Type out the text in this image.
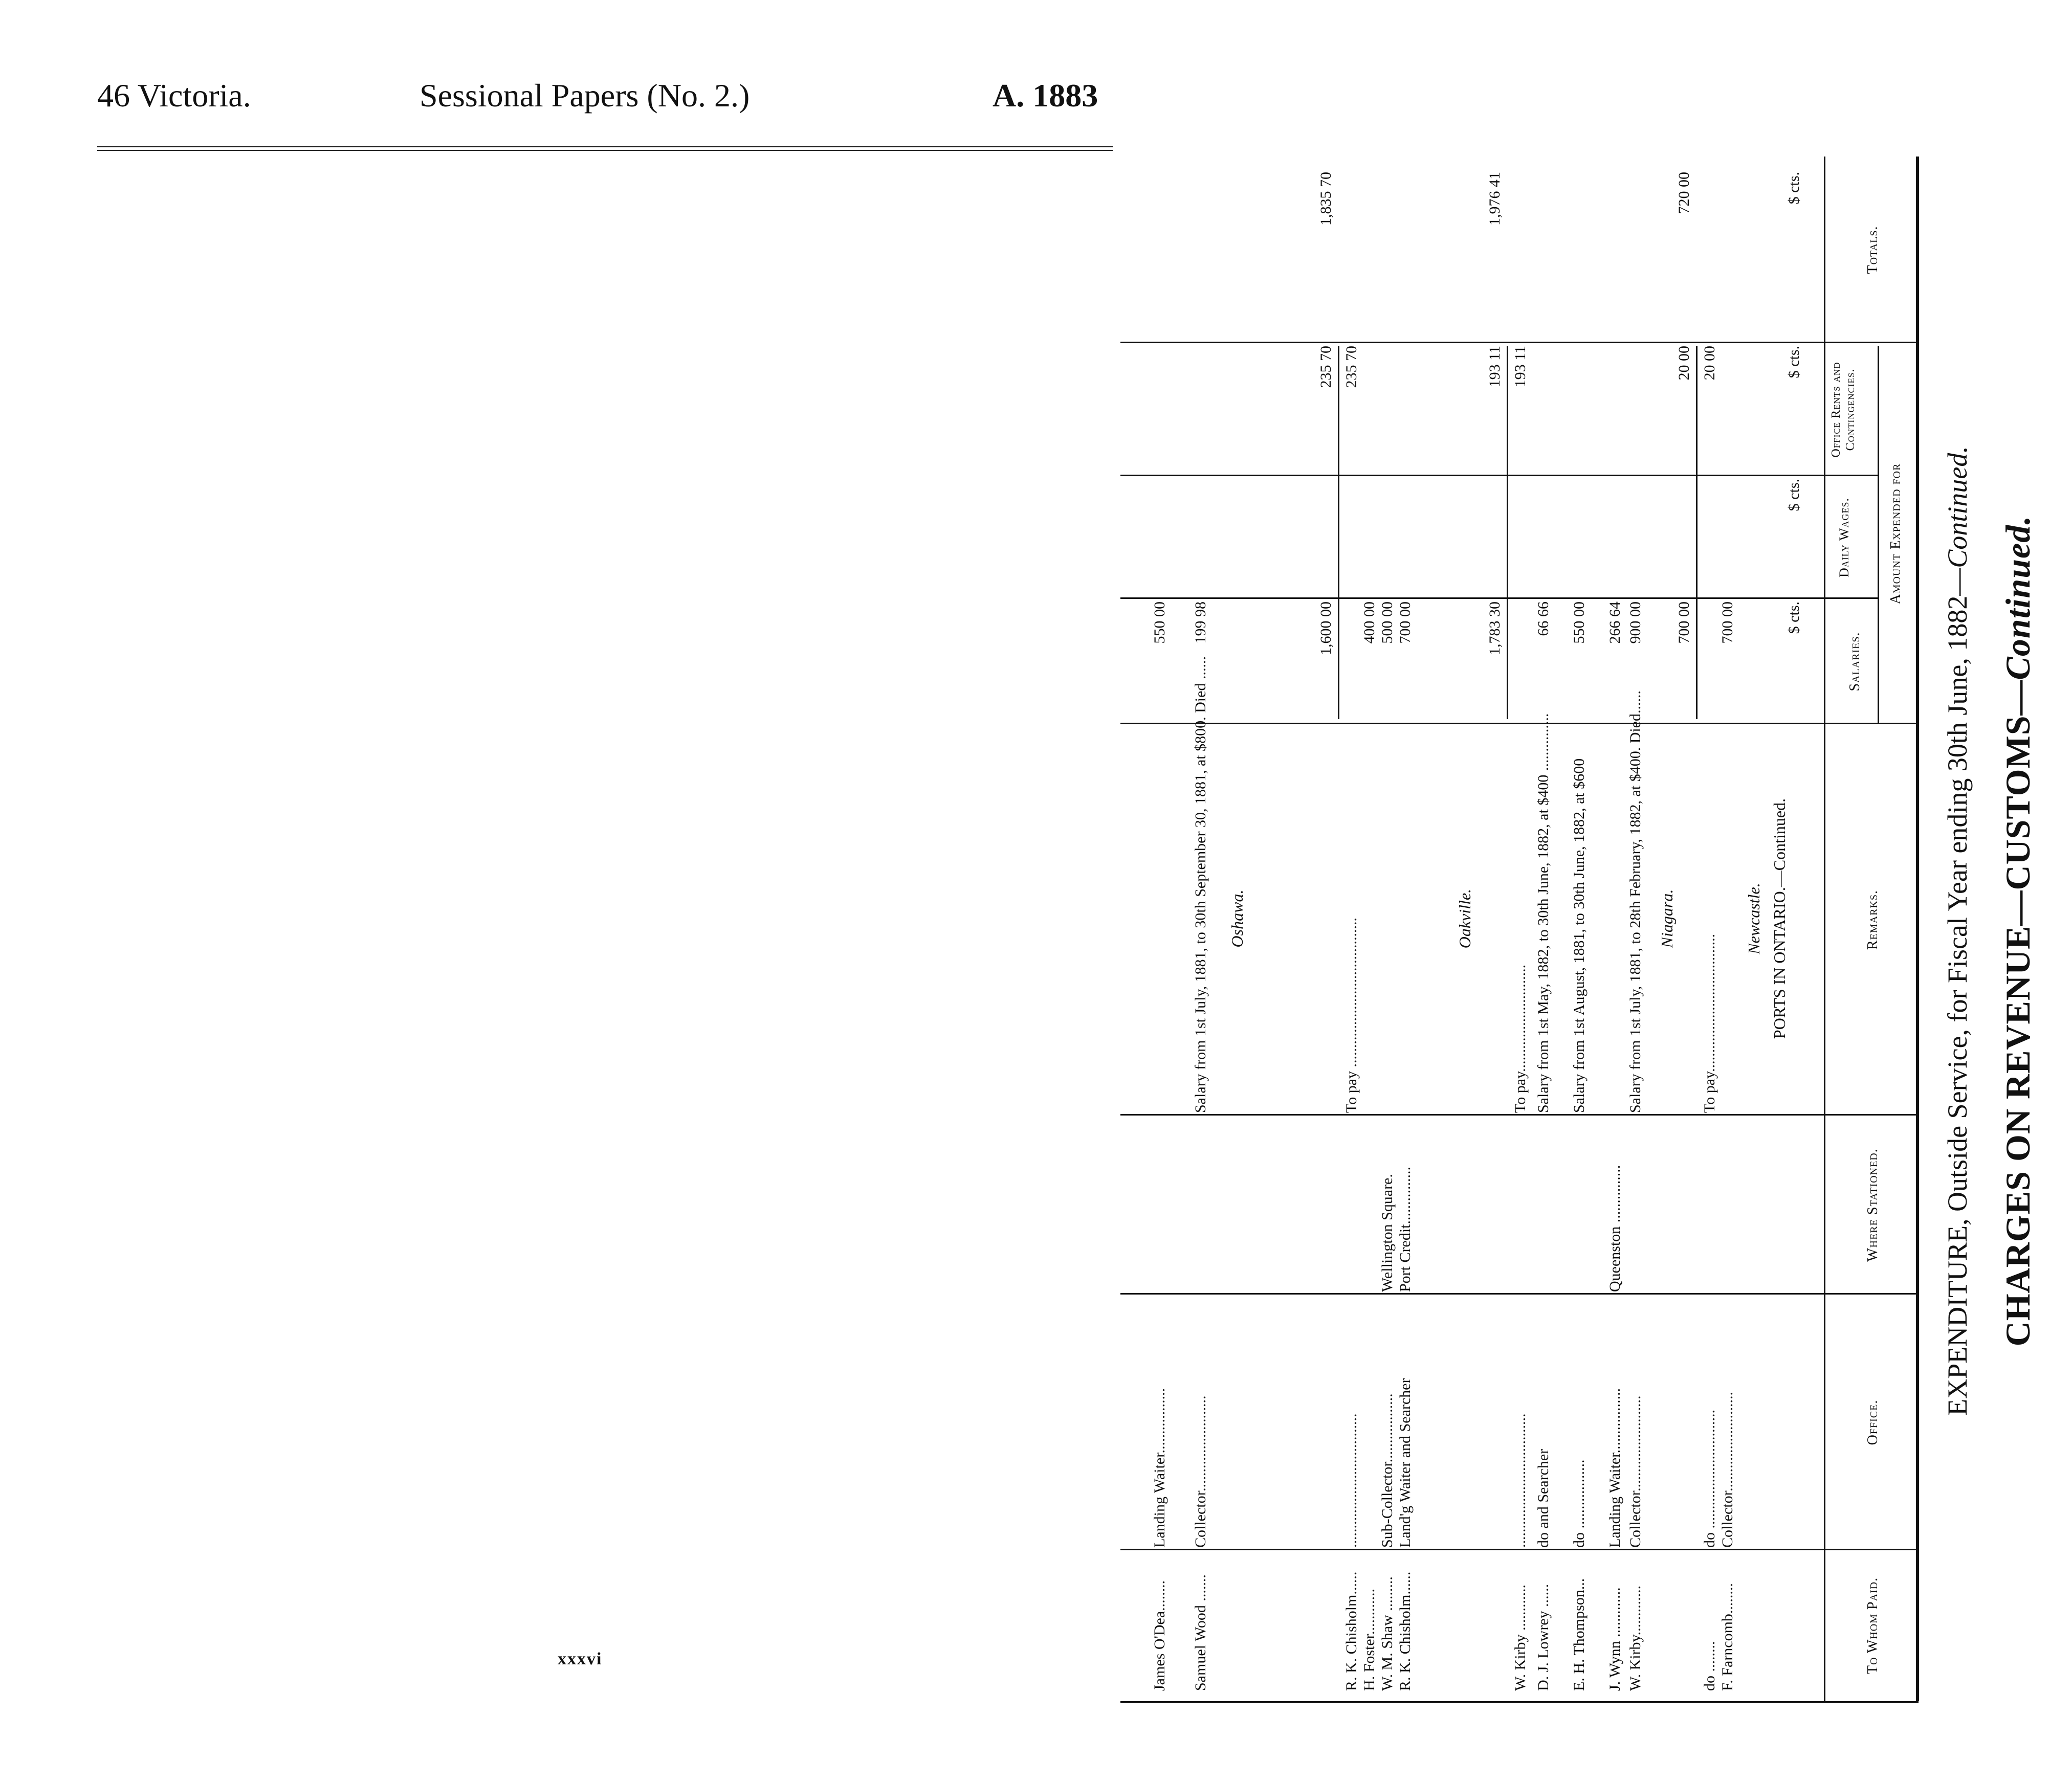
46 Victoria.	Sessional Papers (No. 2.)	A. 1883
CHARGES ON REVENUE—CUSTOMS—Continued.
EXPENDITURE, Outside Service, for Fiscal Year ending 30th June, 1882—Continued.
To Whom Paid.
Office.
Where Stationed.
Remarks.
Amount Expended for
Salaries.
Daily Wages.
Office Rents and Contingencies.
Totals.
$ cts.
$ cts.
$ cts.
$ cts.
PORTS IN ONTARIO.—Continued.
Newcastle.
Niagara.
Oakville.
Oshawa.
F. Farncomb........
Collector..........................
700 00
do ........
do ...............................
To pay....................................
20 00
700 00
20 00
720 00
W. Kirby.............
Collector.........................
Salary from 1st July, 1881, to 28th February, 1882, at $400. Died......
900 00
J. Wynn .............
Landing Waiter.................
Queenston ...............
266 64
E. H. Thompson...
do ..................
Salary from 1st August, 1881, to 30th June, 1882, at $600
550 00
D. J. Lowrey ......
do and Searcher
Salary from 1st May, 1882, to 30th June, 1882, at $400 ...............
66 66
W. Kirby ............
...................................
To pay............................
193 11
1,783 30
193 11
1,976 41
R. K. Chisholm......
Land'g Waiter and Searcher
Port Credit...............
700 00
W. M. Shaw .........
Sub-Collector..................
Wellington Square.
500 00
H. Foster............
400 00
R. K. Chisholm......
...................................
To pay .......................................
235 70
1,600 00
235 70
1,835 70
Samuel Wood .......
Collector.........................
Salary from 1st July, 1881, to 30th September 30, 1881, at $800. Died ......
199 98
James O'Dea........
Landing Waiter.................
550 00
xxxvi
